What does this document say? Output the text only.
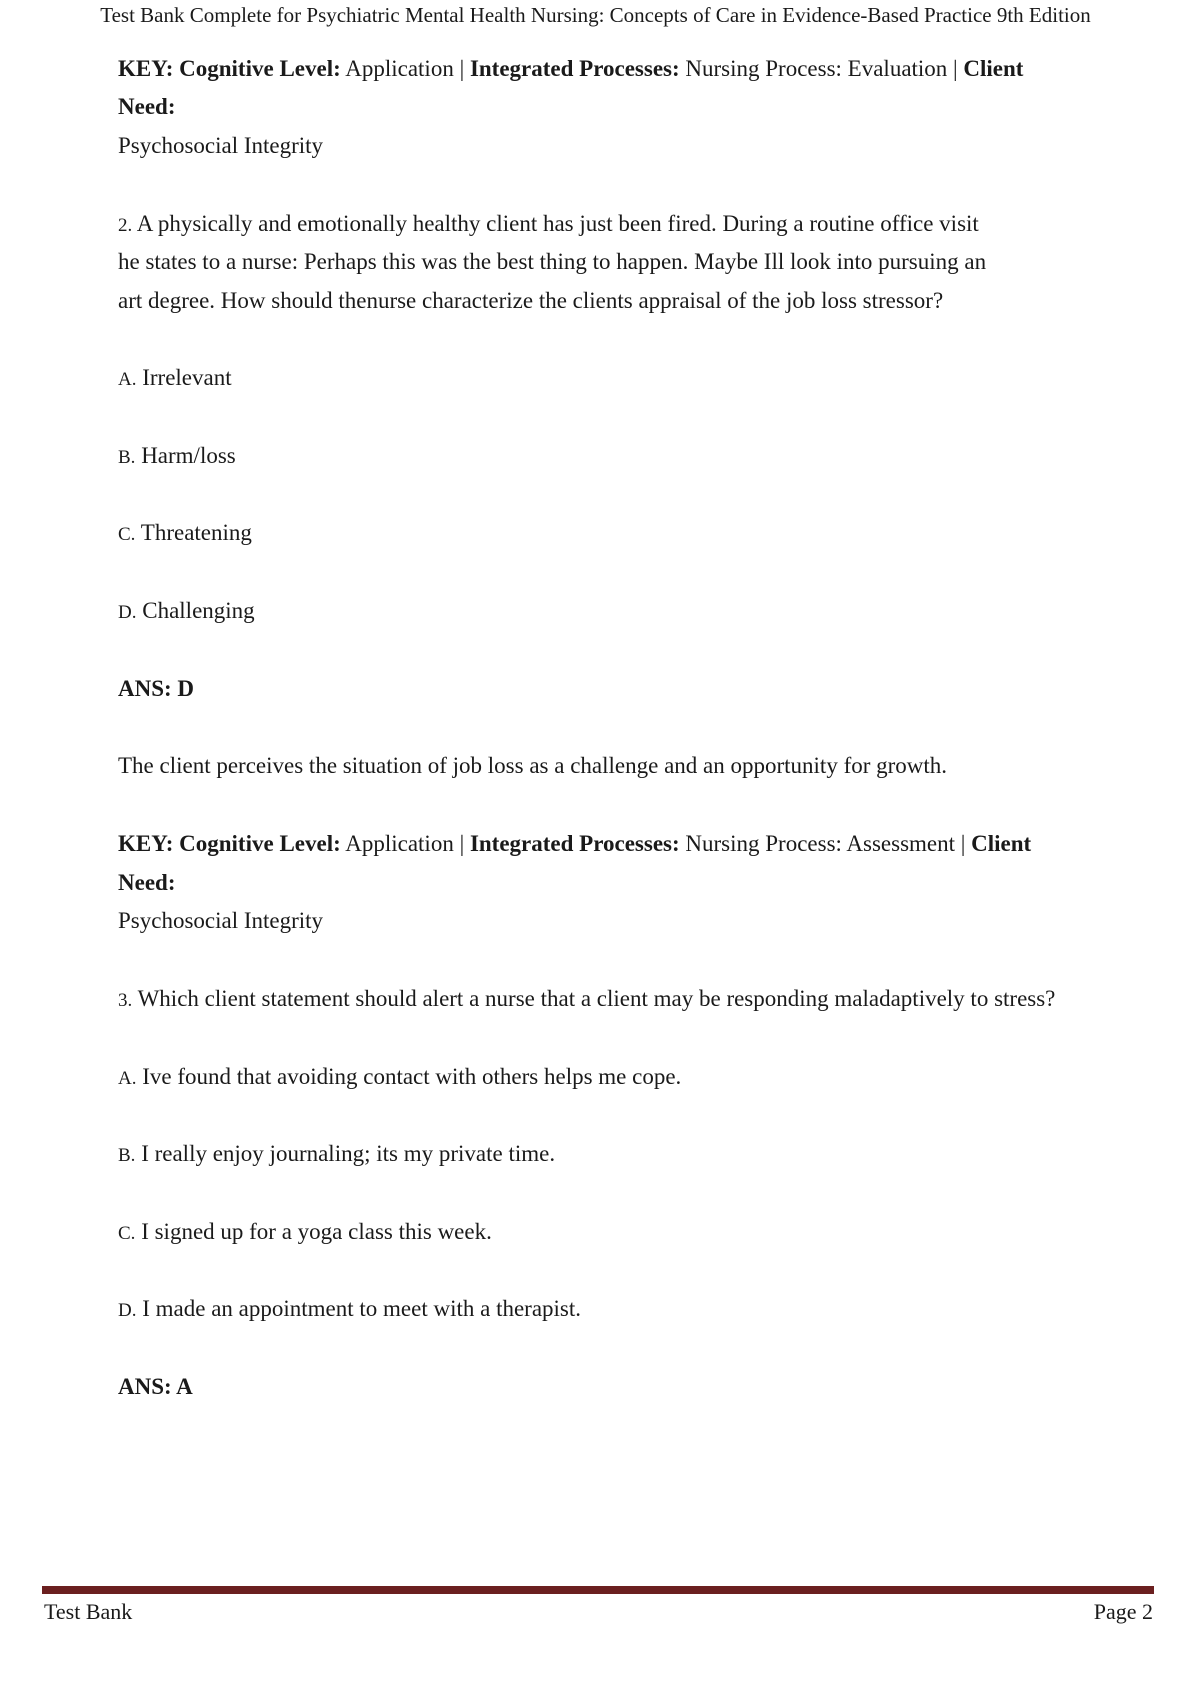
Test Bank Complete for Psychiatric Mental Health Nursing: Concepts of Care in Evidence-Based Practice 9th Edition
KEY: Cognitive Level: Application | Integrated Processes: Nursing Process: Evaluation | Client
Need:
Psychosocial Integrity
2. A physically and emotionally healthy client has just been fired. During a routine office visit
he states to a nurse: Perhaps this was the best thing to happen. Maybe Ill look into pursuing an
art degree. How should thenurse characterize the clients appraisal of the job loss stressor?
A. Irrelevant
B. Harm/loss
C. Threatening
D. Challenging
ANS: D
The client perceives the situation of job loss as a challenge and an opportunity for growth.
KEY: Cognitive Level: Application | Integrated Processes: Nursing Process: Assessment | Client
Need:
Psychosocial Integrity
3. Which client statement should alert a nurse that a client may be responding maladaptively to stress?
A. Ive found that avoiding contact with others helps me cope.
B. I really enjoy journaling; its my private time.
C. I signed up for a yoga class this week.
D. I made an appointment to meet with a therapist.
ANS: A
Test Bank	Page 2
